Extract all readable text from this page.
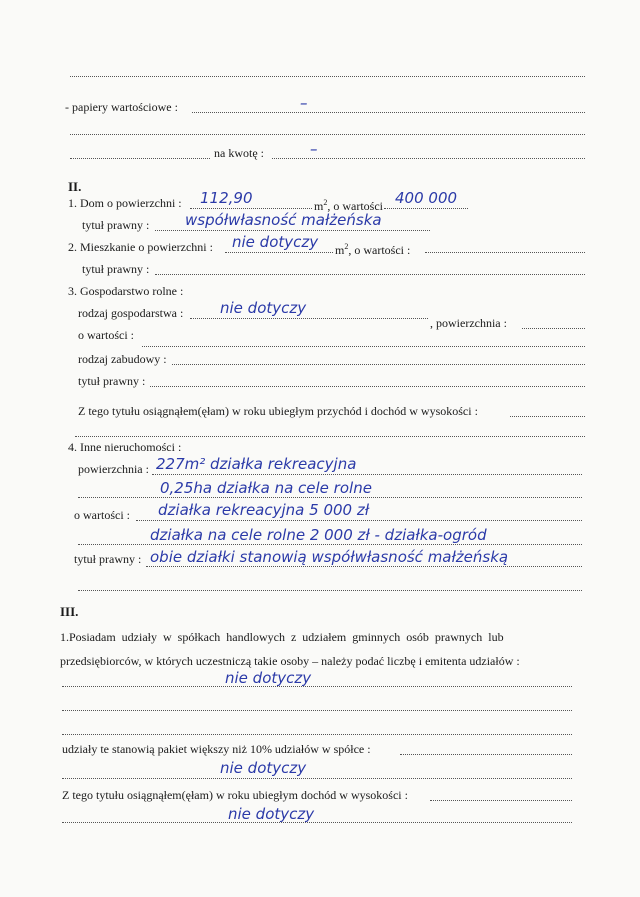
- papiery wartościowe :	–
na kwotę :	–
II.
1. Dom o powierzchni : 112,90	$m^2$, o wartości 400 000
tytuł prawny : współwłasność małżeńska
2. Mieszkanie o powierzchni : nie dotyczy $m^2$, o wartości :
tytuł prawny :
3. Gospodarstwo rolne :
rodzaj gospodarstwa : nie dotyczy
, powierzchnia :
o wartości :
rodzaj zabudowy :
tytuł prawny :
Z tego tytułu osiągnąłem(ęłam) w roku ubiegłym przychód i dochód w wysokości :
4. Inne nieruchomości :
powierzchnia : 227m² działka rekreacyjna
0,25ha działka na cele rolne
o wartości : działka rekreacyjna 5 000 zł
działka na cele rolne 2 000 zł - działka-ogród
tytuł prawny : obie działki stanowią współwłasność małżeńską
III.
1.Posiadam udziały w spółkach handlowych z udziałem gminnych osób prawnych lub
przedsiębiorców, w których uczestniczą takie osoby – należy podać liczbę i emitenta udziałów :
nie dotyczy
udziały te stanowią pakiet większy niż 10% udziałów w spółce :
nie dotyczy
Z tego tytułu osiągnąłem(ęłam) w roku ubiegłym dochód w wysokości :
nie dotyczy
